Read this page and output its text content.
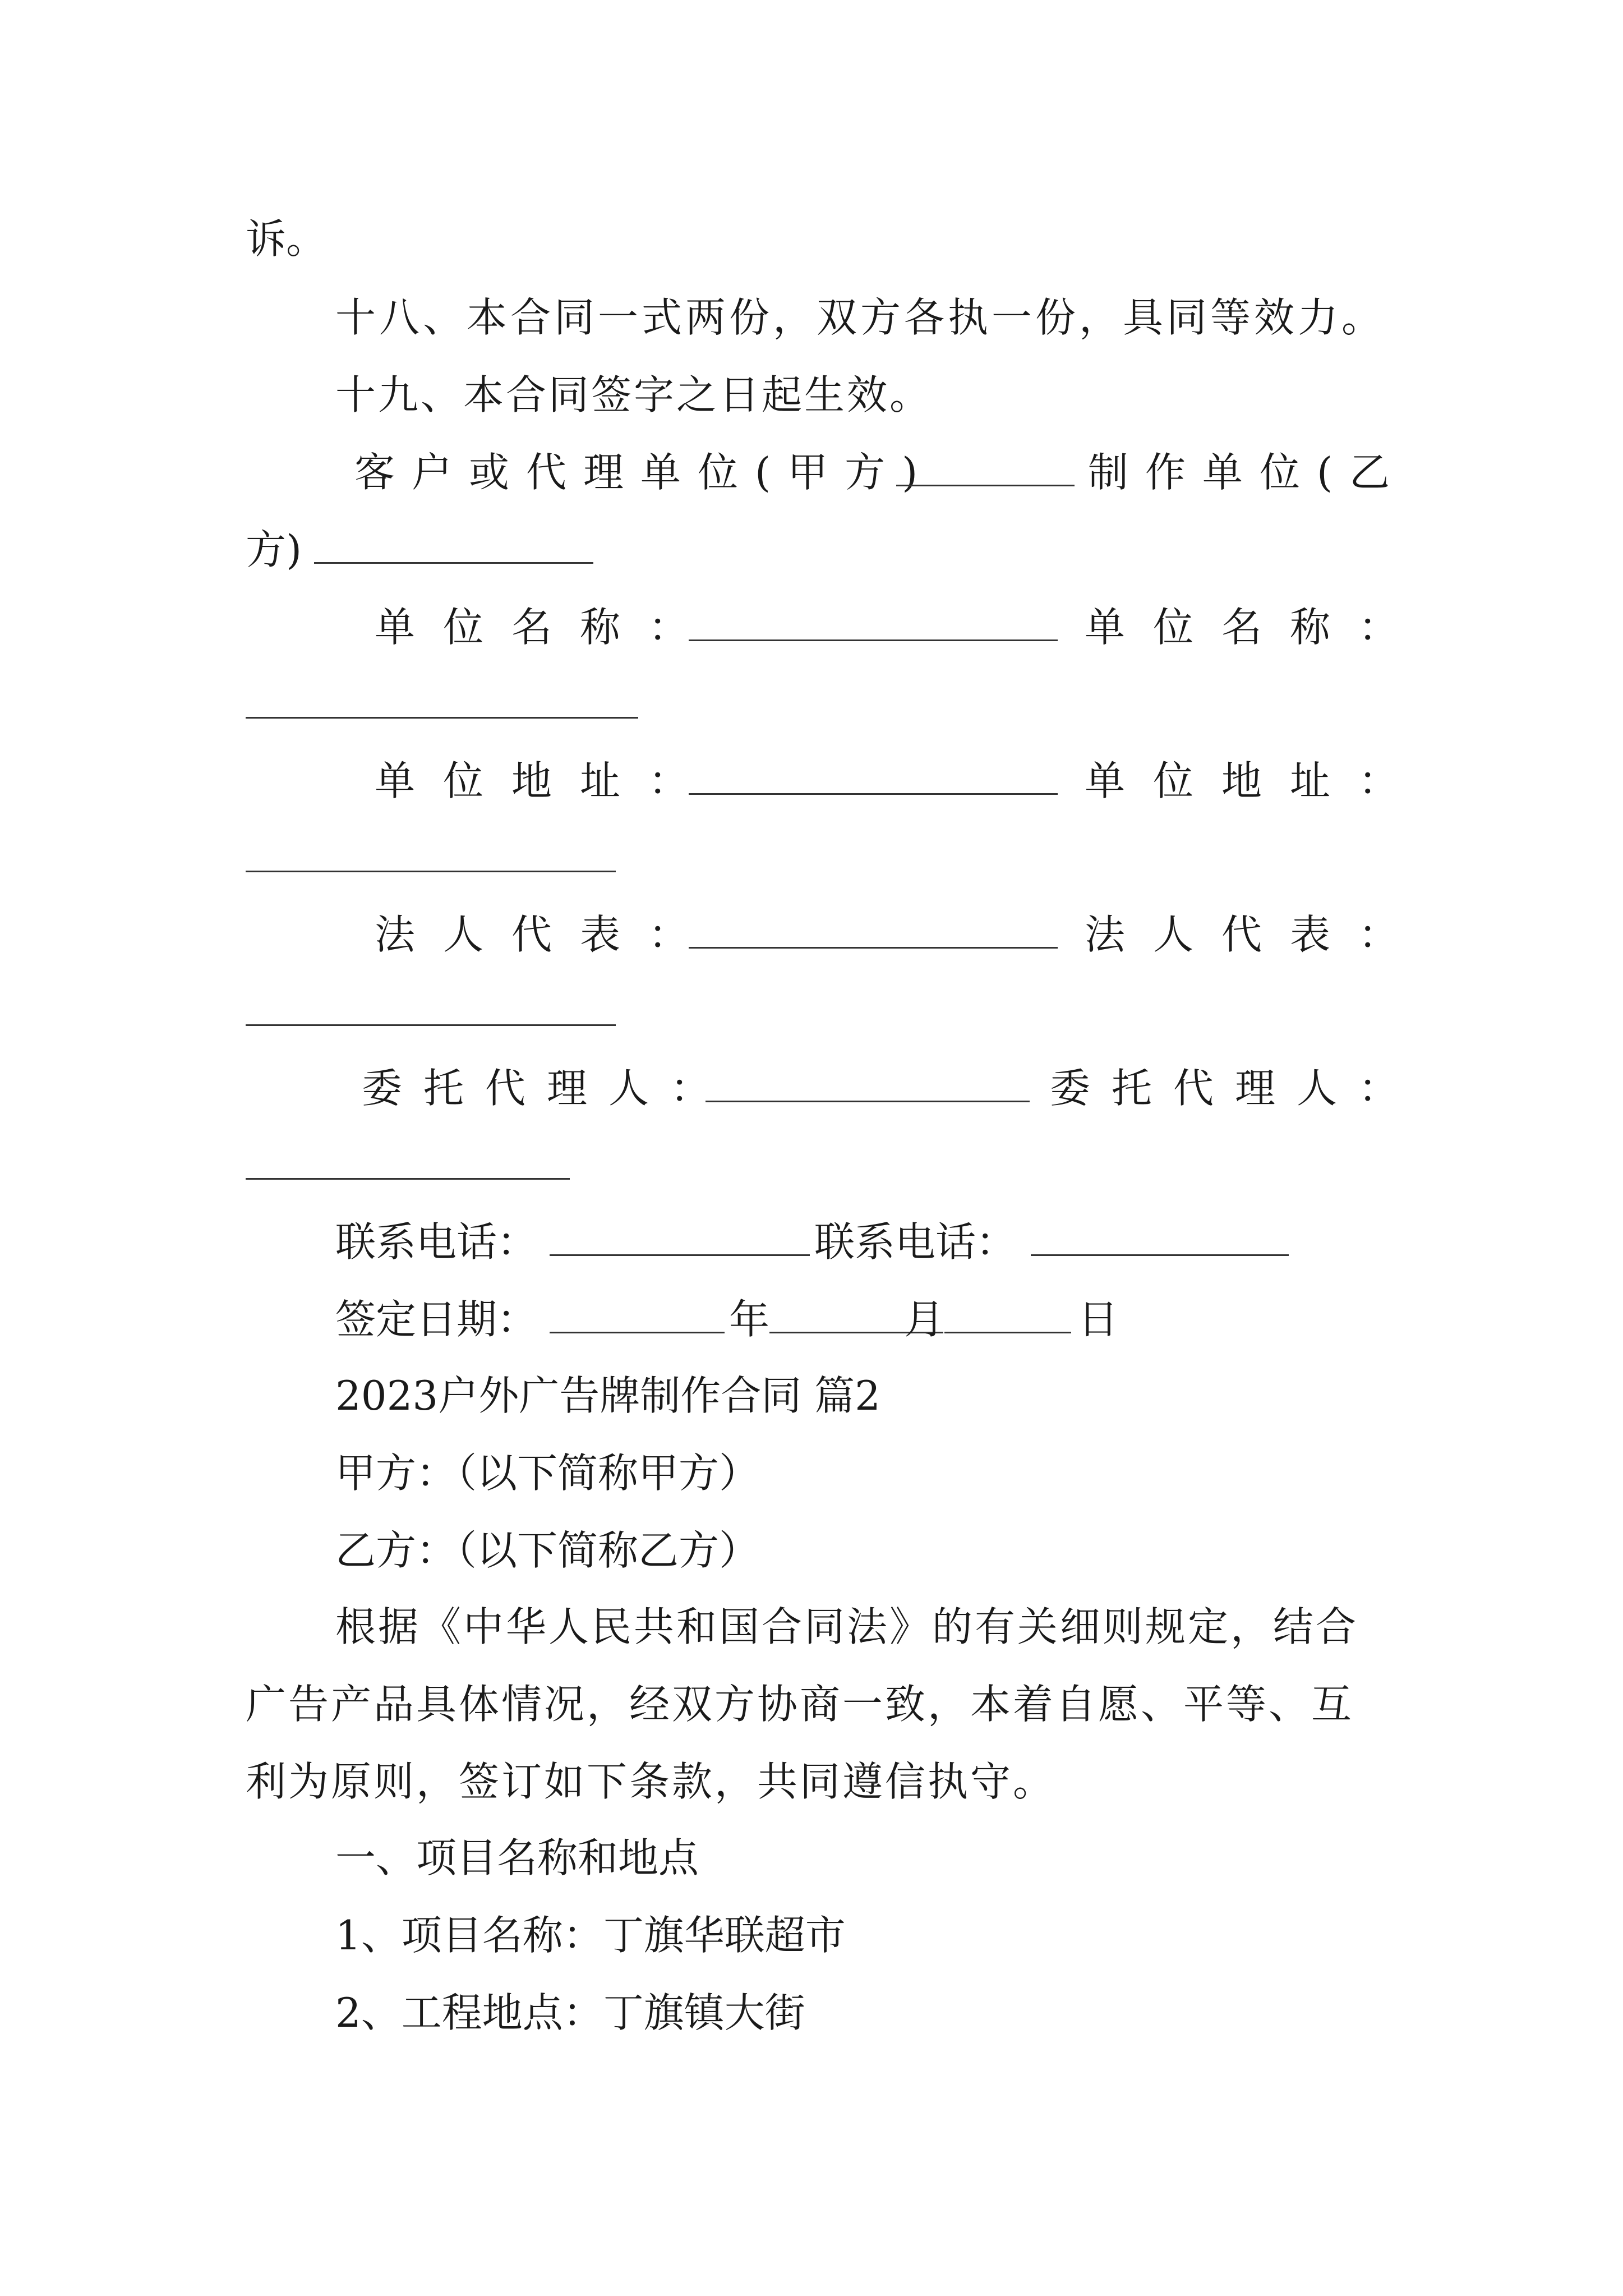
诉。
十八、本合同一式两份，双方各执一份，具同等效力。
十九、本合同签字之日起生效。
客户或代理单位(甲方)	制作单位(乙
方)
单位名称：	单位名称：
单位地址：	单位地址：
法人代表：	法人代表：
委托代理人：	委托代理人：
联系电话：	联系电话：
签定日期：	年	月	日
2023户外广告牌制作合同 篇2
甲方：（以下简称甲方）
乙方：（以下简称乙方）
根据《中华人民共和国合同法》的有关细则规定，结合
广告产品具体情况，经双方协商一致，本着自愿、平等、互
利为原则，签订如下条款，共同遵信执守。
一、项目名称和地点
1、项目名称：丁旗华联超市
2、工程地点：丁旗镇大街
